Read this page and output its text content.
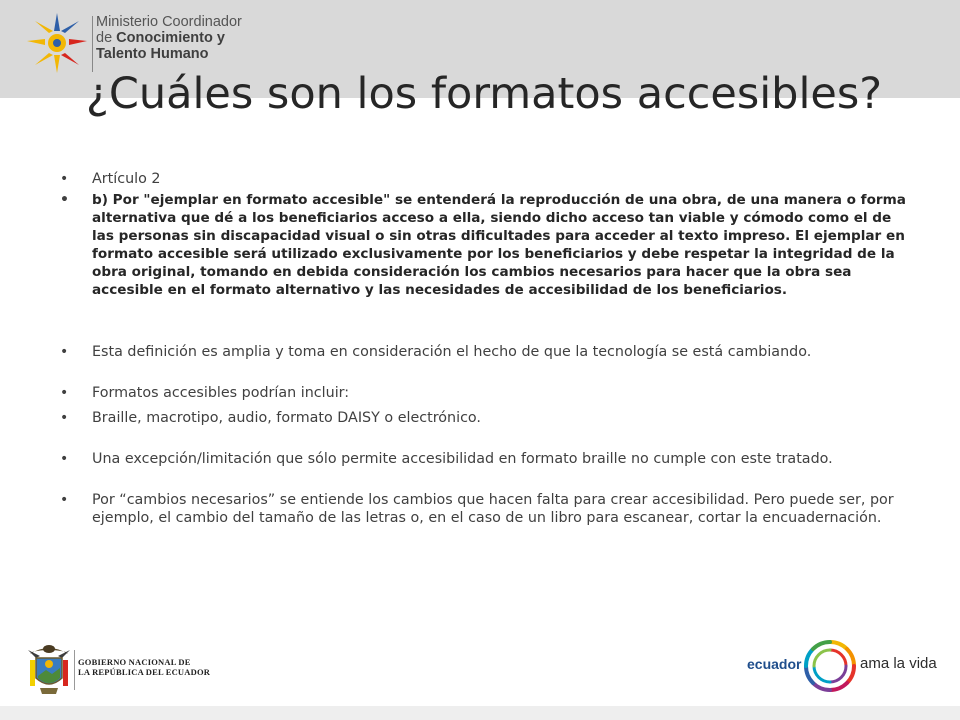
Ministerio Coordinador
de Conocimiento y
Talento Humano
¿Cuáles son los formatos accesibles?
• Artículo 2
• b) Por "ejemplar en formato accesible" se entenderá la reproducción de una obra, de una manera o forma alternativa que dé a los beneficiarios acceso a ella, siendo dicho acceso tan viable y cómodo como el de las personas sin discapacidad visual o sin otras dificultades para acceder al texto impreso. El ejemplar en formato accesible será utilizado exclusivamente por los beneficiarios y debe respetar la integridad de la obra original, tomando en debida consideración los cambios necesarios para hacer que la obra sea accesible en el formato alternativo y las necesidades de accesibilidad de los beneficiarios.
• Esta definición es amplia y toma en consideración el hecho de que la tecnología se está cambiando.
• Formatos accesibles podrían incluir:
• Braille, macrotipo, audio, formato DAISY o electrónico.
• Una excepción/limitación que sólo permite accesibilidad en formato braille no cumple con este tratado.
• Por “cambios necesarios” se entiende los cambios que hacen falta para crear accesibilidad. Pero puede ser, por ejemplo, el cambio del tamaño de las letras o, en el caso de un libro para escanear, cortar la encuadernación.
GOBIERNO NACIONAL DE
LA REPÚBLICA DEL ECUADOR	ecuador	ama la vida
